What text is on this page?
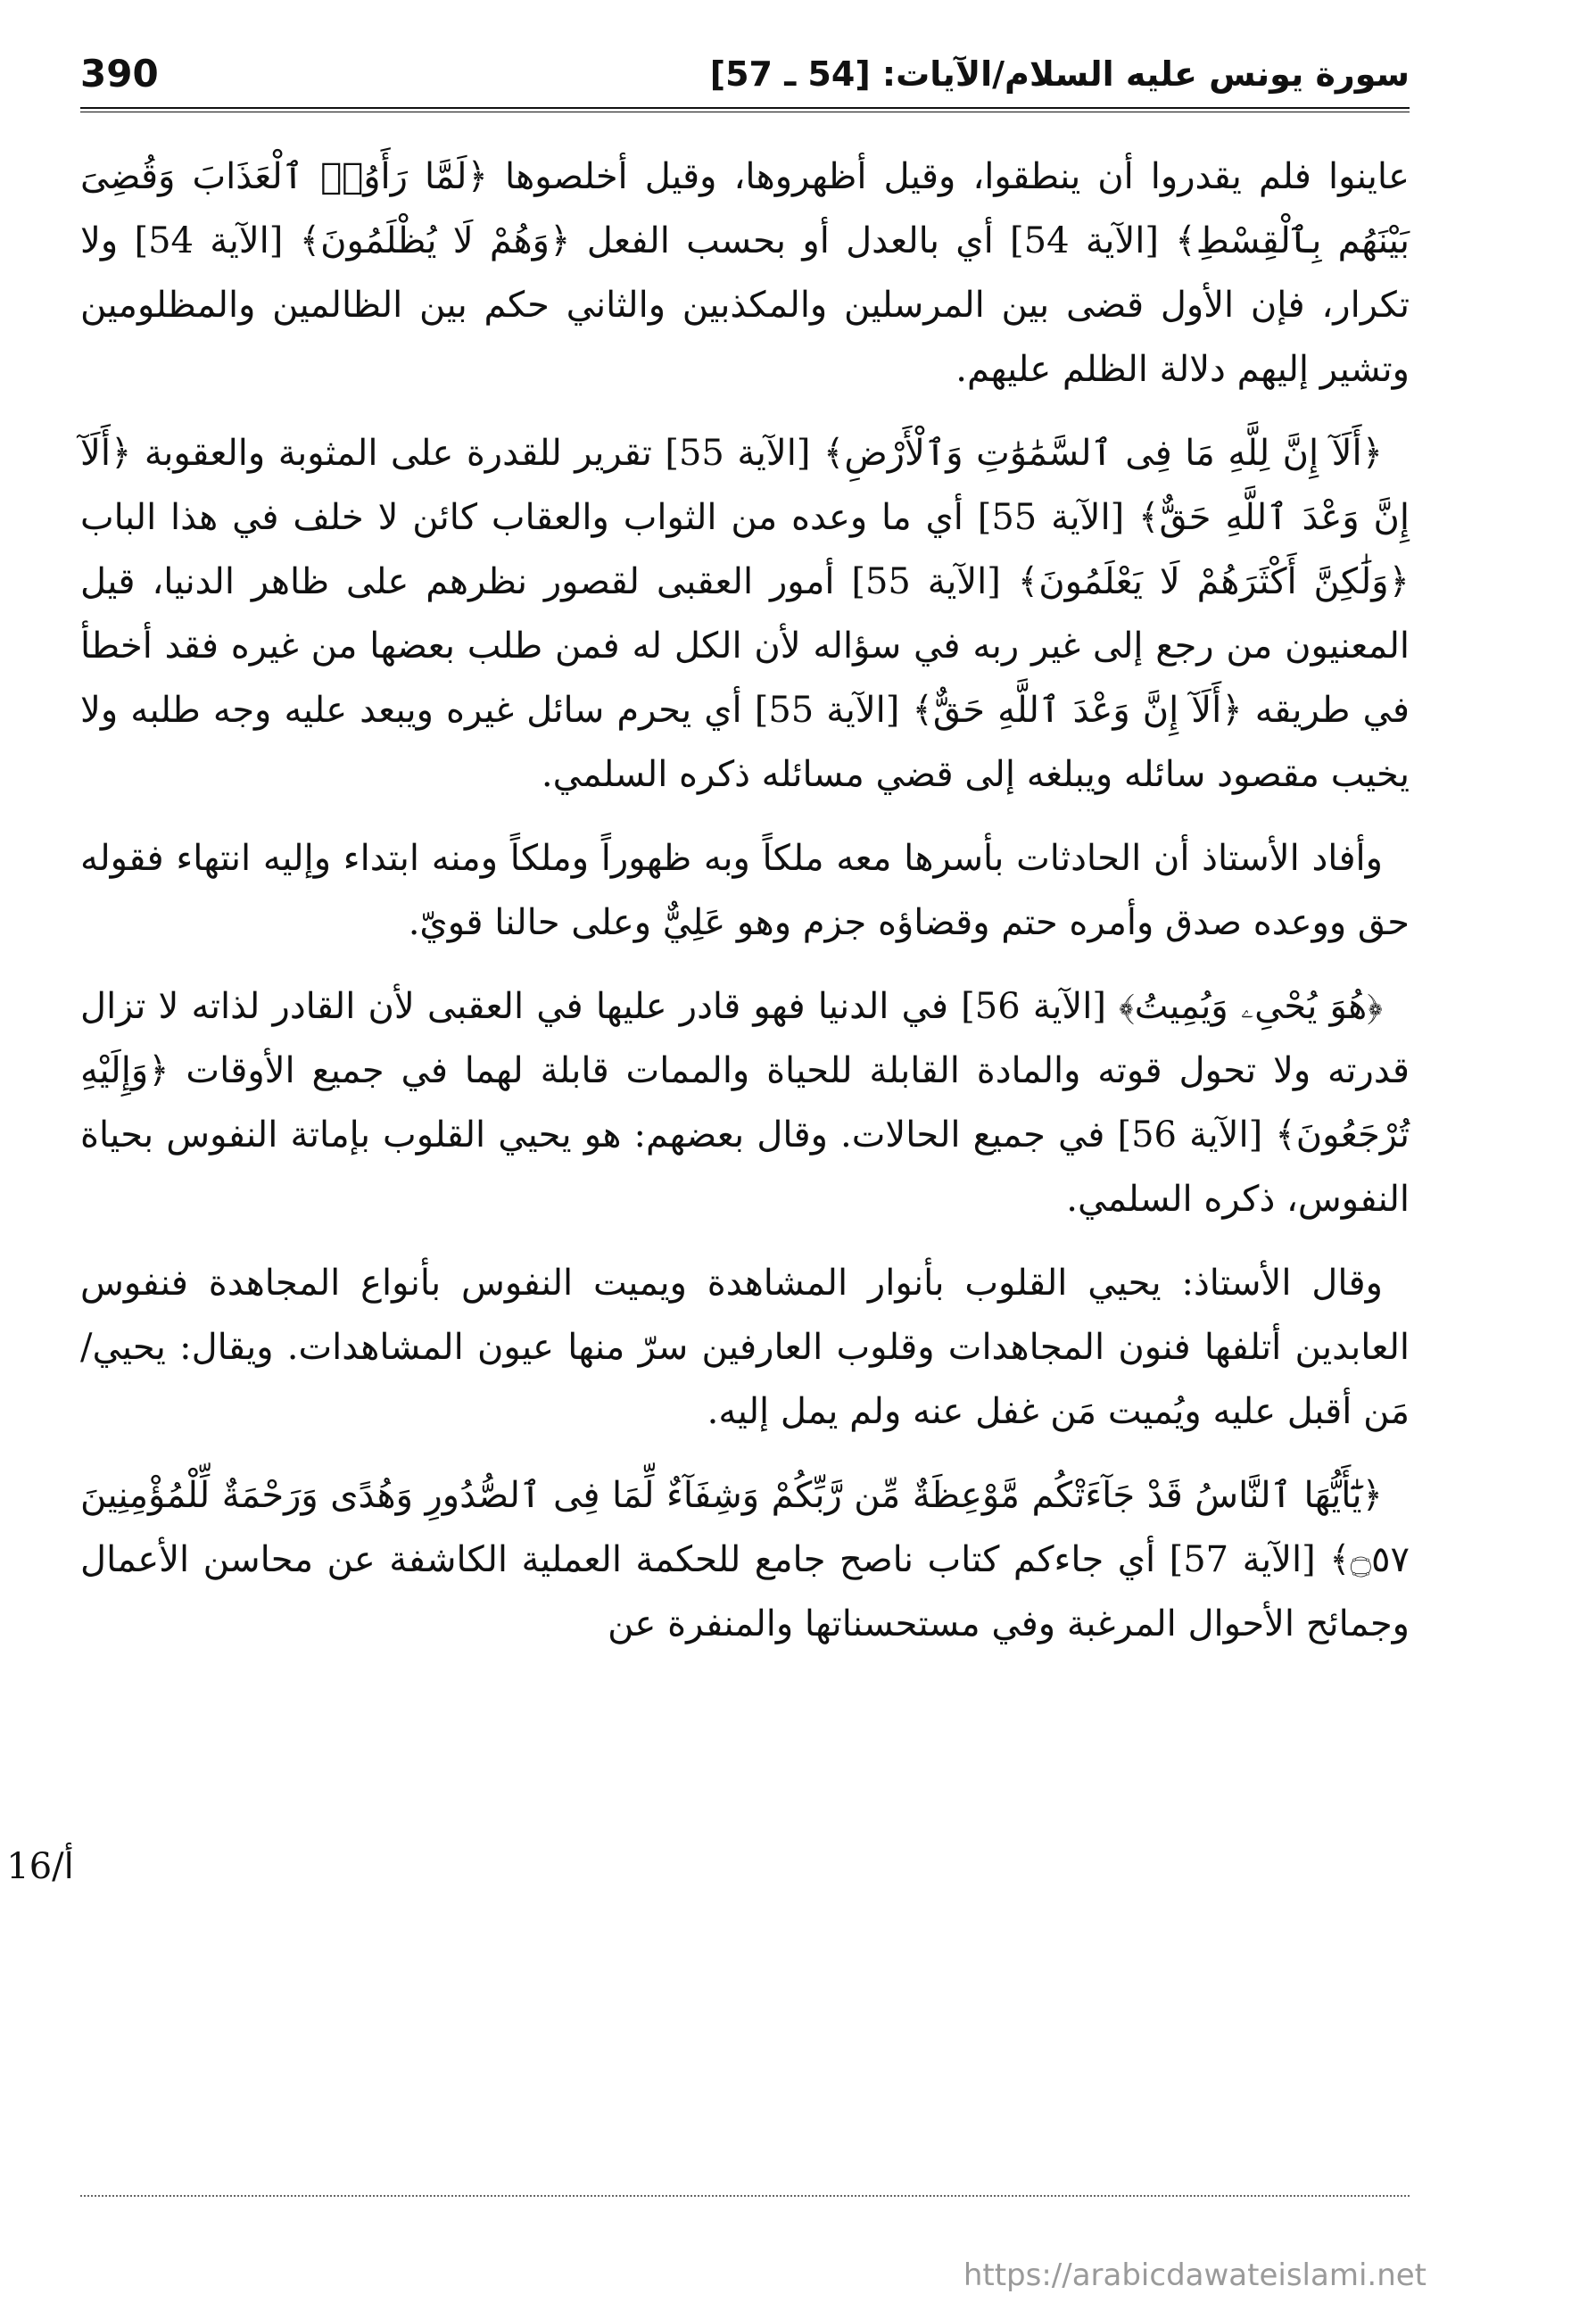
سورة يونس عليه السلام/الآيات: [54 ـ 57]
390

عاينوا فلم يقدروا أن ينطقوا، وقيل أظهروها، وقيل أخلصوها ﴿لَمَّا رَأَوُا۟ ٱلْعَذَابَ وَقُضِىَ بَيْنَهُم بِٱلْقِسْطِ﴾ [الآية 54] أي بالعدل أو بحسب الفعل ﴿وَهُمْ لَا يُظْلَمُونَ﴾ [الآية 54] ولا تكرار، فإن الأول قضى بين المرسلين والمكذبين والثاني حكم بين الظالمين والمظلومين وتشير إليهم دلالة الظلم عليهم.

﴿أَلَآ إِنَّ لِلَّهِ مَا فِى ٱلسَّمَٰوَٰتِ وَٱلْأَرْضِ﴾ [الآية 55] تقرير للقدرة على المثوبة والعقوبة ﴿أَلَآ إِنَّ وَعْدَ ٱللَّهِ حَقٌّ﴾ [الآية 55] أي ما وعده من الثواب والعقاب كائن لا خلف في هذا الباب ﴿وَلَٰكِنَّ أَكْثَرَهُمْ لَا يَعْلَمُونَ﴾ [الآية 55] أمور العقبى لقصور نظرهم على ظاهر الدنيا، قيل المعنيون من رجع إلى غير ربه في سؤاله لأن الكل له فمن طلب بعضها من غيره فقد أخطأ في طريقه ﴿أَلَآ إِنَّ وَعْدَ ٱللَّهِ حَقٌّ﴾ [الآية 55] أي يحرم سائل غيره ويبعد عليه وجه طلبه ولا يخيب مقصود سائله ويبلغه إلى قضي مسائله ذكره السلمي.

وأفاد الأستاذ أن الحادثات بأسرها معه ملكاً وبه ظهوراً وملكاً ومنه ابتداء وإليه انتهاء فقوله حق ووعده صدق وأمره حتم وقضاؤه جزم وهو عَلِيٌّ وعلى حالنا قويّ.

﴿هُوَ يُحْىِۦ وَيُمِيتُ﴾ [الآية 56] في الدنيا فهو قادر عليها في العقبى لأن القادر لذاته لا تزال قدرته ولا تحول قوته والمادة القابلة للحياة والممات قابلة لهما في جميع الأوقات ﴿وَإِلَيْهِ تُرْجَعُونَ﴾ [الآية 56] في جميع الحالات. وقال بعضهم: هو يحيي القلوب بإماتة النفوس بحياة النفوس، ذكره السلمي.

وقال الأستاذ: يحيي القلوب بأنوار المشاهدة ويميت النفوس بأنواع المجاهدة فنفوس العابدين أتلفها فنون المجاهدات وقلوب العارفين سرّ منها عيون المشاهدات. ويقال: يحيي/ مَن أقبل عليه ويُميت مَن غفل عنه ولم يمل إليه.

﴿يَٰٓأَيُّهَا ٱلنَّاسُ قَدْ جَآءَتْكُم مَّوْعِظَةٌ مِّن رَّبِّكُمْ وَشِفَآءٌ لِّمَا فِى ٱلصُّدُورِ وَهُدًى وَرَحْمَةٌ لِّلْمُؤْمِنِينَ ۝٥٧﴾ [الآية 57] أي جاءكم كتاب ناصح جامع للحكمة العملية الكاشفة عن محاسن الأعمال وجمائح الأحوال المرغبة وفي مستحسناتها والمنفرة عن

16/أ
https://arabicdawateislami.net
